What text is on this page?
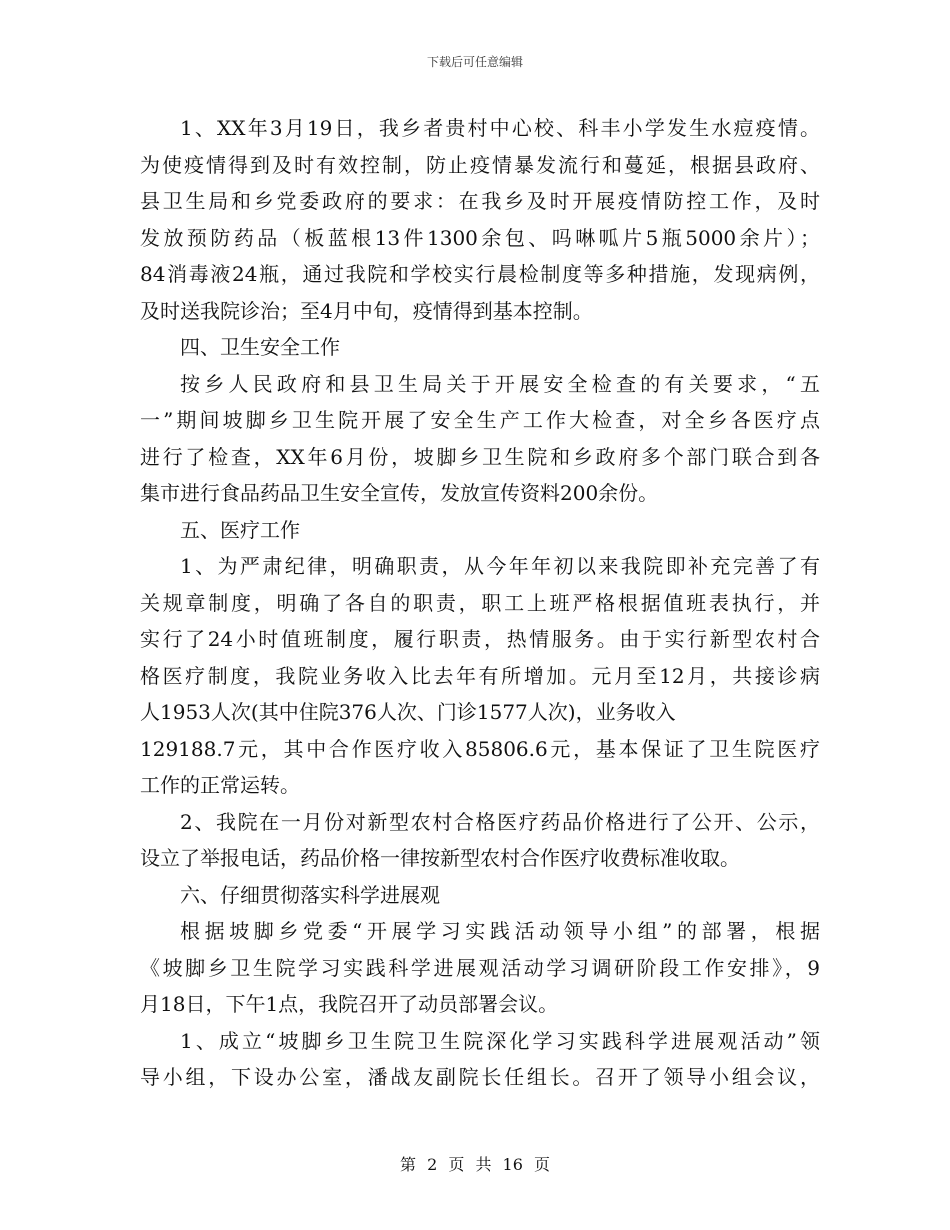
下载后可任意编辑
1、XX年3月19日，我乡者贵村中心校、科丰小学发生水痘疫情。
为使疫情得到及时有效控制，防止疫情暴发流行和蔓延，根据县政府、
县卫生局和乡党委政府的要求：在我乡及时开展疫情防控工作，及时
发放预防药品（板蓝根13件1300余包、吗啉呱片5瓶5000余片）；
84消毒液24瓶，通过我院和学校实行晨检制度等多种措施，发现病例，
及时送我院诊治；至4月中旬，疫情得到基本控制。
四、卫生安全工作
按乡人民政府和县卫生局关于开展安全检查的有关要求，“五
一”期间坡脚乡卫生院开展了安全生产工作大检查，对全乡各医疗点
进行了检查，XX年6月份，坡脚乡卫生院和乡政府多个部门联合到各
集市进行食品药品卫生安全宣传，发放宣传资料200余份。
五、医疗工作
1、为严肃纪律，明确职责，从今年年初以来我院即补充完善了有
关规章制度，明确了各自的职责，职工上班严格根据值班表执行，并
实行了24小时值班制度，履行职责，热情服务。由于实行新型农村合
格医疗制度，我院业务收入比去年有所增加。元月至12月，共接诊病
人1953人次(其中住院376人次、门诊1577人次)，业务收入
129188.7元，其中合作医疗收入85806.6元，基本保证了卫生院医疗
工作的正常运转。
2、我院在一月份对新型农村合格医疗药品价格进行了公开、公示，
设立了举报电话，药品价格一律按新型农村合作医疗收费标准收取。
六、仔细贯彻落实科学进展观
根据坡脚乡党委“开展学习实践活动领导小组”的部署，根据
《坡脚乡卫生院学习实践科学进展观活动学习调研阶段工作安排》，9
月18日，下午1点，我院召开了动员部署会议。
1、成立“坡脚乡卫生院卫生院深化学习实践科学进展观活动”领
导小组，下设办公室，潘战友副院长任组长。召开了领导小组会议，
第 2 页 共 16 页
